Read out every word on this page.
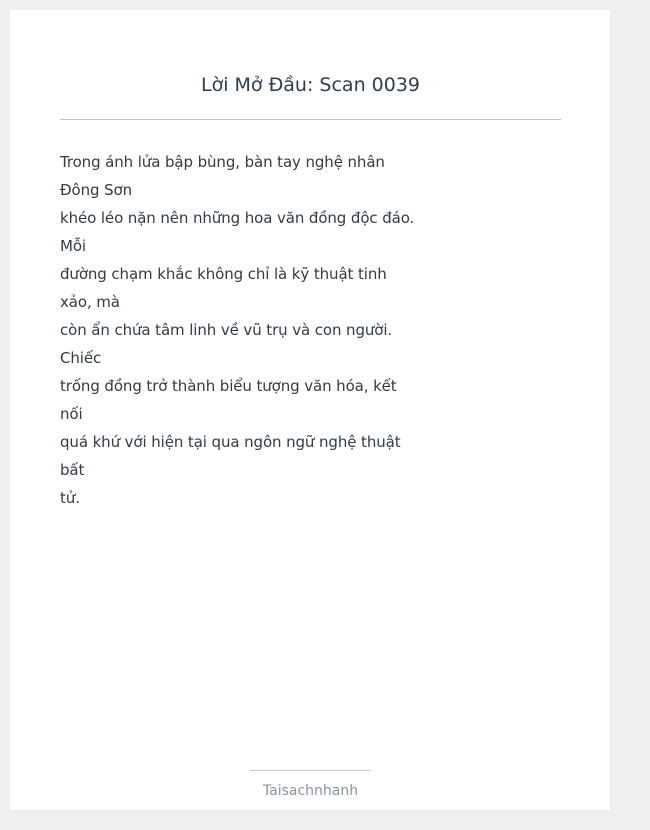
Lời Mở Đầu: Scan 0039
Trong ánh lửa bập bùng, bàn tay nghệ nhân
Đông Sơn
khéo léo nặn nên những hoa văn đồng độc đáo.
Mỗi
đường chạm khắc không chỉ là kỹ thuật tinh
xảo, mà
còn ẩn chứa tâm linh về vũ trụ và con người.
Chiếc
trống đồng trở thành biểu tượng văn hóa, kết
nối
quá khứ với hiện tại qua ngôn ngữ nghệ thuật
bất
tử.
Taisachnhanh
